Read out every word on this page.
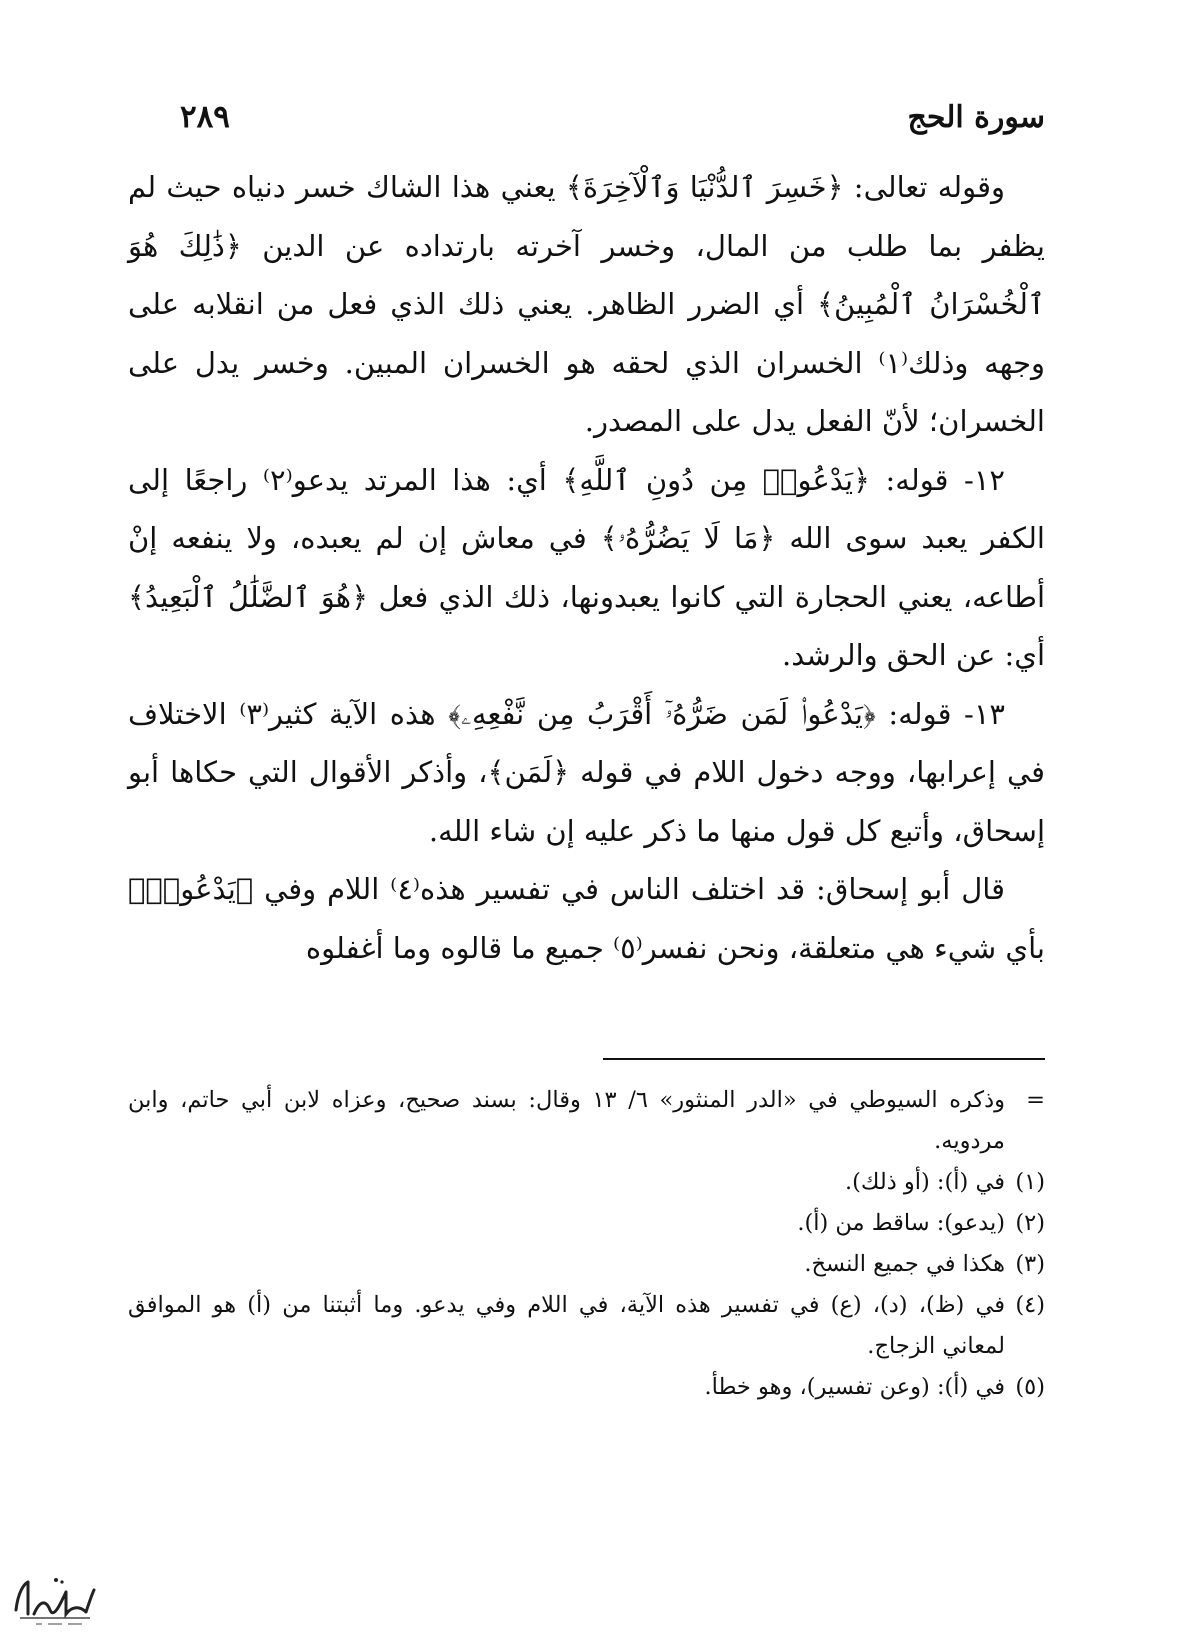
سورة الحج
٢٨٩

وقوله تعالى: ﴿خَسِرَ ٱلدُّنْيَا وَٱلْآخِرَةَ﴾ يعني هذا الشاك خسر دنياه حيث لم يظفر بما طلب من المال، وخسر آخرته بارتداده عن الدين ﴿ذَٰلِكَ هُوَ ٱلْخُسْرَانُ ٱلْمُبِينُ﴾ أي الضرر الظاهر. يعني ذلك الذي فعل من انقلابه على وجهه وذلك⁽١⁾ الخسران الذي لحقه هو الخسران المبين. وخسر يدل على الخسران؛ لأنّ الفعل يدل على المصدر.

١٢- قوله: ﴿يَدْعُوا۟ مِن دُونِ ٱللَّهِ﴾ أي: هذا المرتد يدعو⁽٢⁾ راجعًا إلى الكفر يعبد سوى الله ﴿مَا لَا يَضُرُّهُۥ﴾ في معاش إن لم يعبده، ولا ينفعه إنْ أطاعه، يعني الحجارة التي كانوا يعبدونها، ذلك الذي فعل ﴿هُوَ ٱلضَّلَٰلُ ٱلْبَعِيدُ﴾ أي: عن الحق والرشد.

١٣- قوله: ﴿يَدْعُوا۟ لَمَن ضَرُّهُۥٓ أَقْرَبُ مِن نَّفْعِهِۦ﴾ هذه الآية كثير⁽٣⁾ الاختلاف في إعرابها، ووجه دخول اللام في قوله ﴿لَمَن﴾، وأذكر الأقوال التي حكاها أبو إسحاق، وأتبع كل قول منها ما ذكر عليه إن شاء الله.

قال أبو إسحاق: قد اختلف الناس في تفسير هذه⁽٤⁾ اللام وفي ﴿يَدْعُوا۟﴾ بأي شيء هي متعلقة، ونحن نفسر⁽٥⁾ جميع ما قالوه وما أغفلوه

=
وذكره السيوطي في «الدر المنثور» ٦/ ١٣ وقال: بسند صحيح، وعزاه لابن أبي حاتم، وابن مردويه.
(١)
في (أ): (أو ذلك).
(٢)
(يدعو): ساقط من (أ).
(٣)
هكذا في جميع النسخ.
(٤)
في (ظ)، (د)، (ع) في تفسير هذه الآية، في اللام وفي يدعو. وما أثبتنا من (أ) هو الموافق لمعاني الزجاج.
(٥)
في (أ): (وعن تفسير)، وهو خطأ.
